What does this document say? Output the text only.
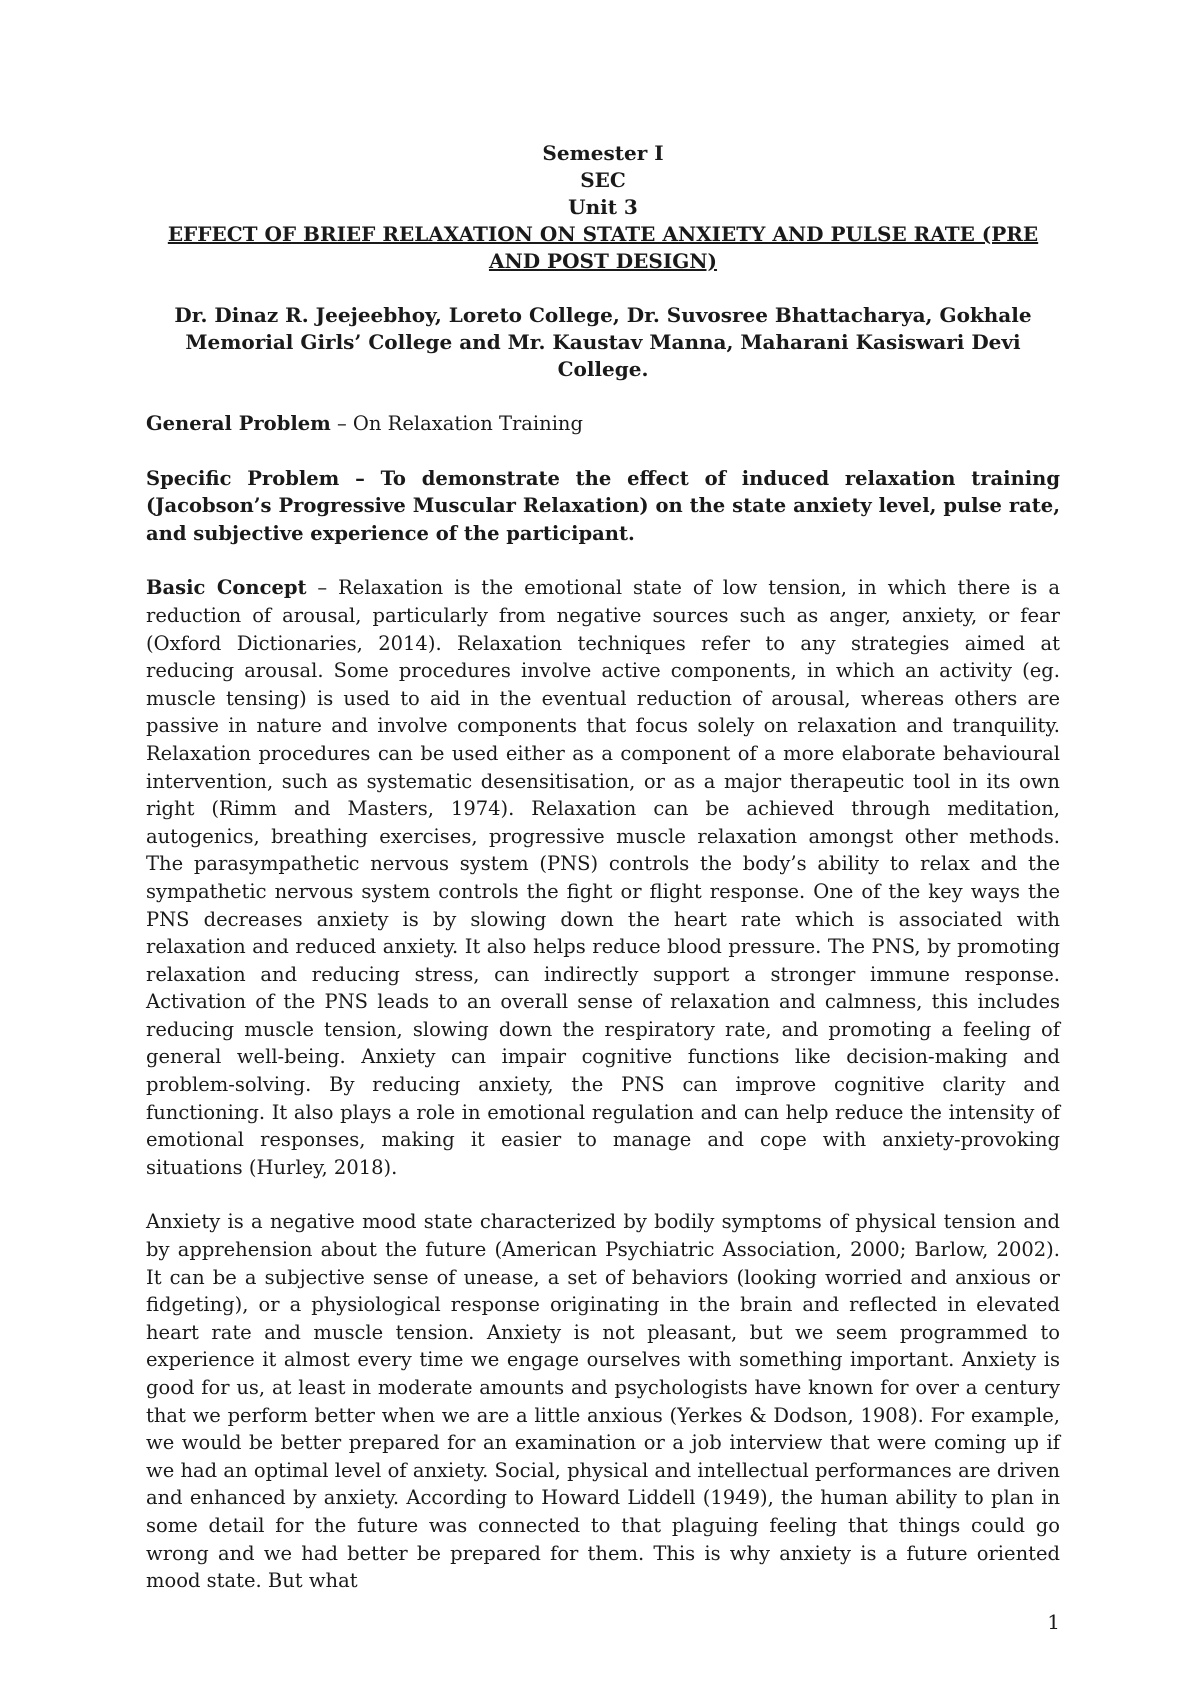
Semester I
SEC
Unit 3
EFFECT OF BRIEF RELAXATION ON STATE ANXIETY AND PULSE RATE (PRE AND POST DESIGN)
Dr. Dinaz R. Jeejeebhoy, Loreto College, Dr. Suvosree Bhattacharya, Gokhale Memorial Girls’ College and Mr. Kaustav Manna, Maharani Kasiswari Devi College.

General Problem – On Relaxation Training

Specific Problem – To demonstrate the effect of induced relaxation training (Jacobson’s Progressive Muscular Relaxation) on the state anxiety level, pulse rate, and subjective experience of the participant.

Basic Concept – Relaxation is the emotional state of low tension, in which there is a reduction of arousal, particularly from negative sources such as anger, anxiety, or fear (Oxford Dictionaries, 2014). Relaxation techniques refer to any strategies aimed at reducing arousal. Some procedures involve active components, in which an activity (eg. muscle tensing) is used to aid in the eventual reduction of arousal, whereas others are passive in nature and involve components that focus solely on relaxation and tranquility. Relaxation procedures can be used either as a component of a more elaborate behavioural intervention, such as systematic desensitisation, or as a major therapeutic tool in its own right (Rimm and Masters, 1974). Relaxation can be achieved through meditation, autogenics, breathing exercises, progressive muscle relaxation amongst other methods. The parasympathetic nervous system (PNS) controls the body’s ability to relax and the sympathetic nervous system controls the fight or flight response. One of the key ways the PNS decreases anxiety is by slowing down the heart rate which is associated with relaxation and reduced anxiety. It also helps reduce blood pressure. The PNS, by promoting relaxation and reducing stress, can indirectly support a stronger immune response. Activation of the PNS leads to an overall sense of relaxation and calmness, this includes reducing muscle tension, slowing down the respiratory rate, and promoting a feeling of general well-being. Anxiety can impair cognitive functions like decision-making and problem-solving. By reducing anxiety, the PNS can improve cognitive clarity and functioning. It also plays a role in emotional regulation and can help reduce the intensity of emotional responses, making it easier to manage and cope with anxiety-provoking situations (Hurley, 2018).

Anxiety is a negative mood state characterized by bodily symptoms of physical tension and by apprehension about the future (American Psychiatric Association, 2000; Barlow, 2002). It can be a subjective sense of unease, a set of behaviors (looking worried and anxious or fidgeting), or a physiological response originating in the brain and reflected in elevated heart rate and muscle tension. Anxiety is not pleasant, but we seem programmed to experience it almost every time we engage ourselves with something important. Anxiety is good for us, at least in moderate amounts and psychologists have known for over a century that we perform better when we are a little anxious (Yerkes & Dodson, 1908). For example, we would be better prepared for an examination or a job interview that were coming up if we had an optimal level of anxiety. Social, physical and intellectual performances are driven and enhanced by anxiety. According to Howard Liddell (1949), the human ability to plan in some detail for the future was connected to that plaguing feeling that things could go wrong and we had better be prepared for them. This is why anxiety is a future oriented mood state. But what

1
